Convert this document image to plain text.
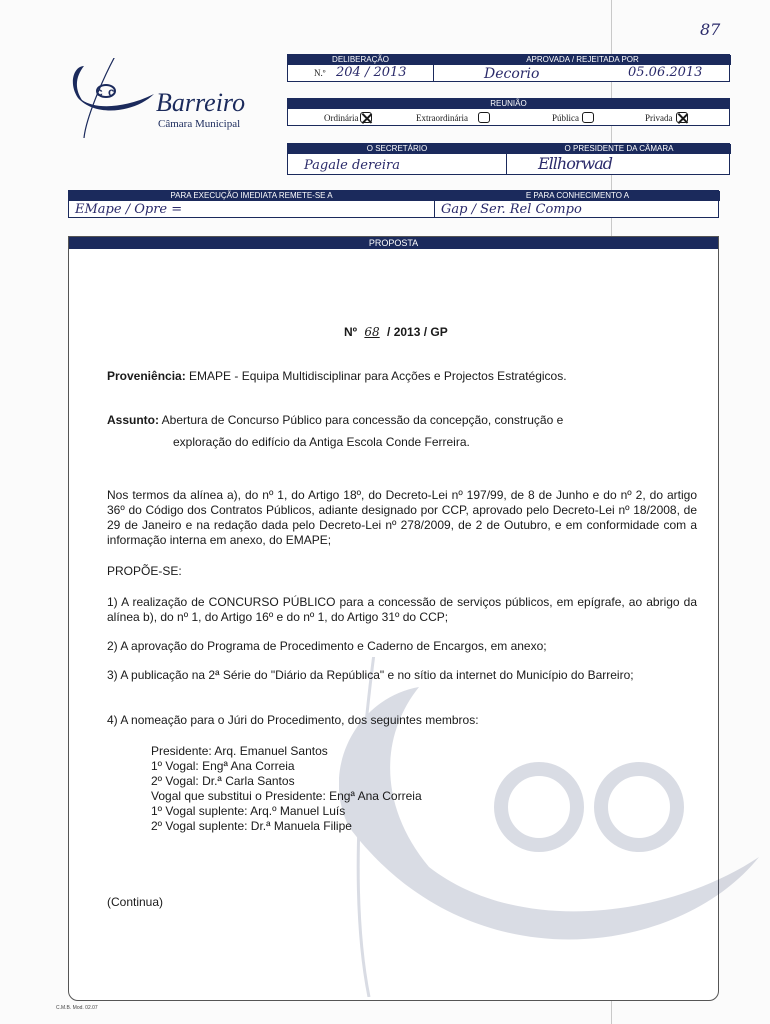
87
c c Barreiro
Câmara Municipal
DELIBERAÇÃO	APROVADA / REJEITADA POR
N.º 204 / 2013	Decorio	05.06.2013
REUNIÃO
Ordinária	Extraordinária	Pública	Privada
O SECRETÁRIO	O PRESIDENTE DA CÂMARA
Pagale dereira	Ellhorwad
PARA EXECUÇÃO IMEDIATA REMETE-SE A	E PARA CONHECIMENTO A
EMape / Opre =	Gap / Ser. Rel Compo
PROPOSTA
Nº 68 / 2013 / GP
Proveniência: EMAPE - Equipa Multidisciplinar para Acções e Projectos Estratégicos.
Assunto: Abertura de Concurso Público para concessão da concepção, construção e
exploração do edifício da Antiga Escola Conde Ferreira.
Nos termos da alínea a), do nº 1, do Artigo 18º, do Decreto-Lei nº 197/99, de 8 de Junho e do nº 2, do artigo 36º do Código dos Contratos Públicos, adiante designado por CCP, aprovado pelo Decreto-Lei nº 18/2008, de 29 de Janeiro e na redação dada pelo Decreto-Lei nº 278/2009, de 2 de Outubro, e em conformidade com a informação interna em anexo, do EMAPE;
PROPÕE-SE:
1) A realização de CONCURSO PÚBLICO para a concessão de serviços públicos, em epígrafe, ao abrigo da alínea b), do nº 1, do Artigo 16º e do nº 1, do Artigo 31º do CCP;
2) A aprovação do Programa de Procedimento e Caderno de Encargos, em anexo;
3) A publicação na 2ª Série do "Diário da República" e no sítio da internet do Município do Barreiro;
4) A nomeação para o Júri do Procedimento, dos seguintes membros:
Presidente: Arq. Emanuel Santos
1º Vogal: Engª Ana Correia
2º Vogal: Dr.ª Carla Santos
Vogal que substitui o Presidente: Engª Ana Correia
1º Vogal suplente: Arq.º Manuel Luís
2º Vogal suplente: Dr.ª Manuela Filipe
(Continua)
C.M.B. Mod. 02.07
